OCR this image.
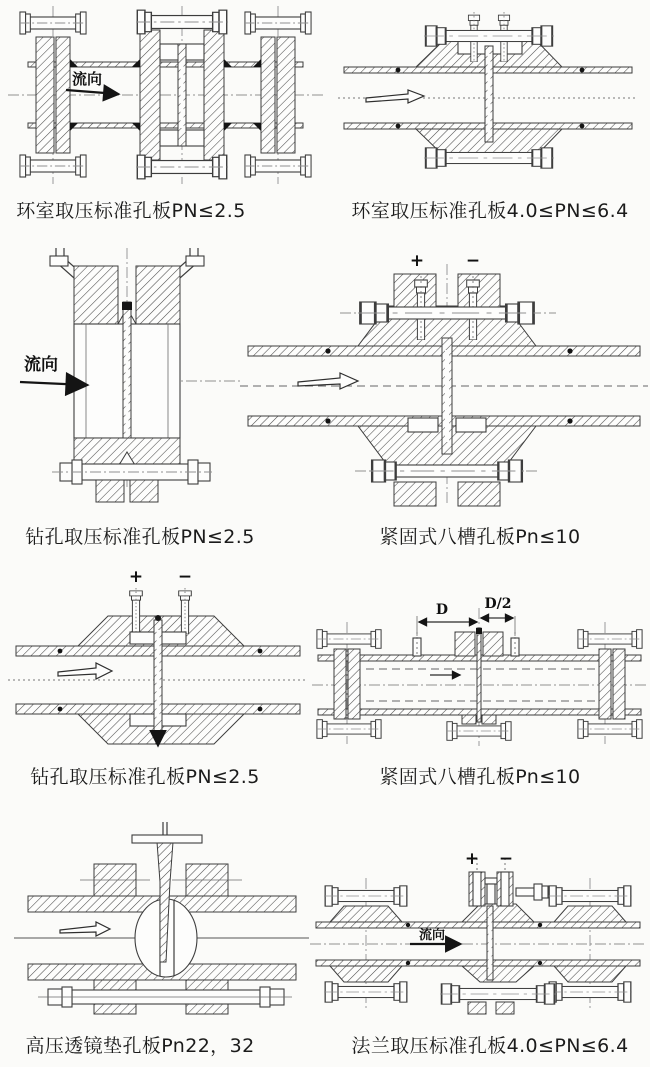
流向
流向
+ −
+ −
D	D/2
+ −
流向
环室取压标准孔板PN≤2.5	环室取压标准孔板4.0≤PN≤6.4
钻孔取压标准孔板PN≤2.5	紧固式八槽孔板Pn≤10
钻孔取压标准孔板PN≤2.5	紧固式八槽孔板Pn≤10
高压透镜垫孔板Pn22，32	法兰取压标准孔板4.0≤PN≤6.4
